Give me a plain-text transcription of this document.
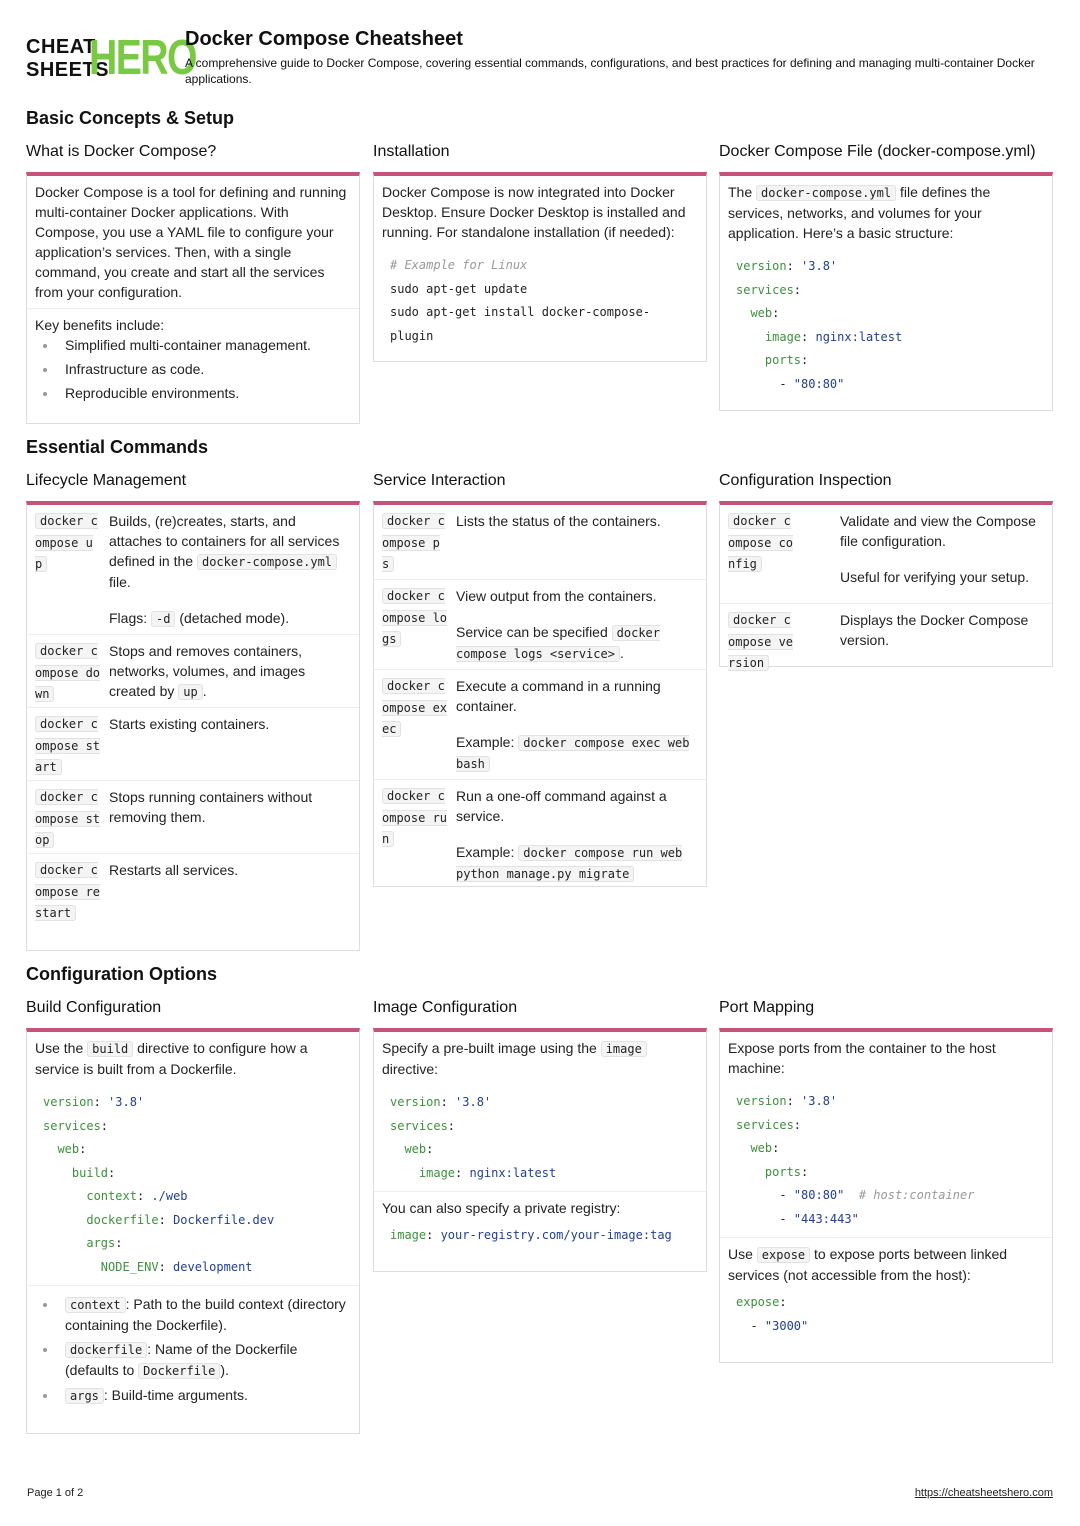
CHEAT
SHEETS
HERO
Docker Compose Cheatsheet
A comprehensive guide to Docker Compose, covering essential commands, configurations, and best practices for defining and managing multi-container Docker applications.
Basic Concepts & Setup
What is Docker Compose?
Docker Compose is a tool for defining and running multi-container Docker applications. With Compose, you use a YAML file to configure your application’s services. Then, with a single command, you create and start all the services from your configuration.
Key benefits include:
Simplified multi-container management.
Infrastructure as code.
Reproducible environments.
Installation
Docker Compose is now integrated into Docker Desktop. Ensure Docker Desktop is installed and running. For standalone installation (if needed):
# Example for Linux
sudo apt-get update
sudo apt-get install docker-compose-
plugin
Docker Compose File (docker-compose.yml)
The docker-compose.yml file defines the services, networks, and volumes for your application. Here’s a basic structure:
version: '3.8'
services:
web:
image: nginx:latest
ports:
- "80:80"
Essential Commands
Lifecycle Management
docker compose up

Builds, (re)creates, starts, and attaches to containers for all services defined in the docker-compose.yml file.

Flags: -d (detached mode).

docker compose down
Stops and removes containers, networks, volumes, and images created by up .
docker compose start
Starts existing containers.
docker compose stop
Stops running containers without removing them.
docker compose restart
Restarts all services.
Service Interaction
docker compose ps
Lists the status of the containers.
docker compose logs

View output from the containers.

Service can be specified docker compose logs <service> .

docker compose exec

Execute a command in a running container.

Example: docker compose exec web bash

docker compose run

Run a one-off command against a service.

Example: docker compose run web python manage.py migrate

Configuration Inspection
docker compose config

Validate and view the Compose file configuration.

Useful for verifying your setup.

docker compose version
Displays the Docker Compose version.
Configuration Options
Build Configuration
Use the build directive to configure how a service is built from a Dockerfile.
version: '3.8'
services:
web:
build:
context: ./web
dockerfile: Dockerfile.dev
args:
NODE_ENV: development
context : Path to the build context (directory containing the Dockerfile).
dockerfile : Name of the Dockerfile (defaults to Dockerfile ).
args : Build-time arguments.
Image Configuration
Specify a pre-built image using the image directive:
version: '3.8'
services:
web:
image: nginx:latest
You can also specify a private registry:
image: your-registry.com/your-image:tag
Port Mapping
Expose ports from the container to the host machine:
version: '3.8'
services:
web:
ports:
- "80:80" # host:container
- "443:443"
Use expose to expose ports between linked services (not accessible from the host):
expose:
- "3000"
Page 1 of 2	https://cheatsheetshero.com
